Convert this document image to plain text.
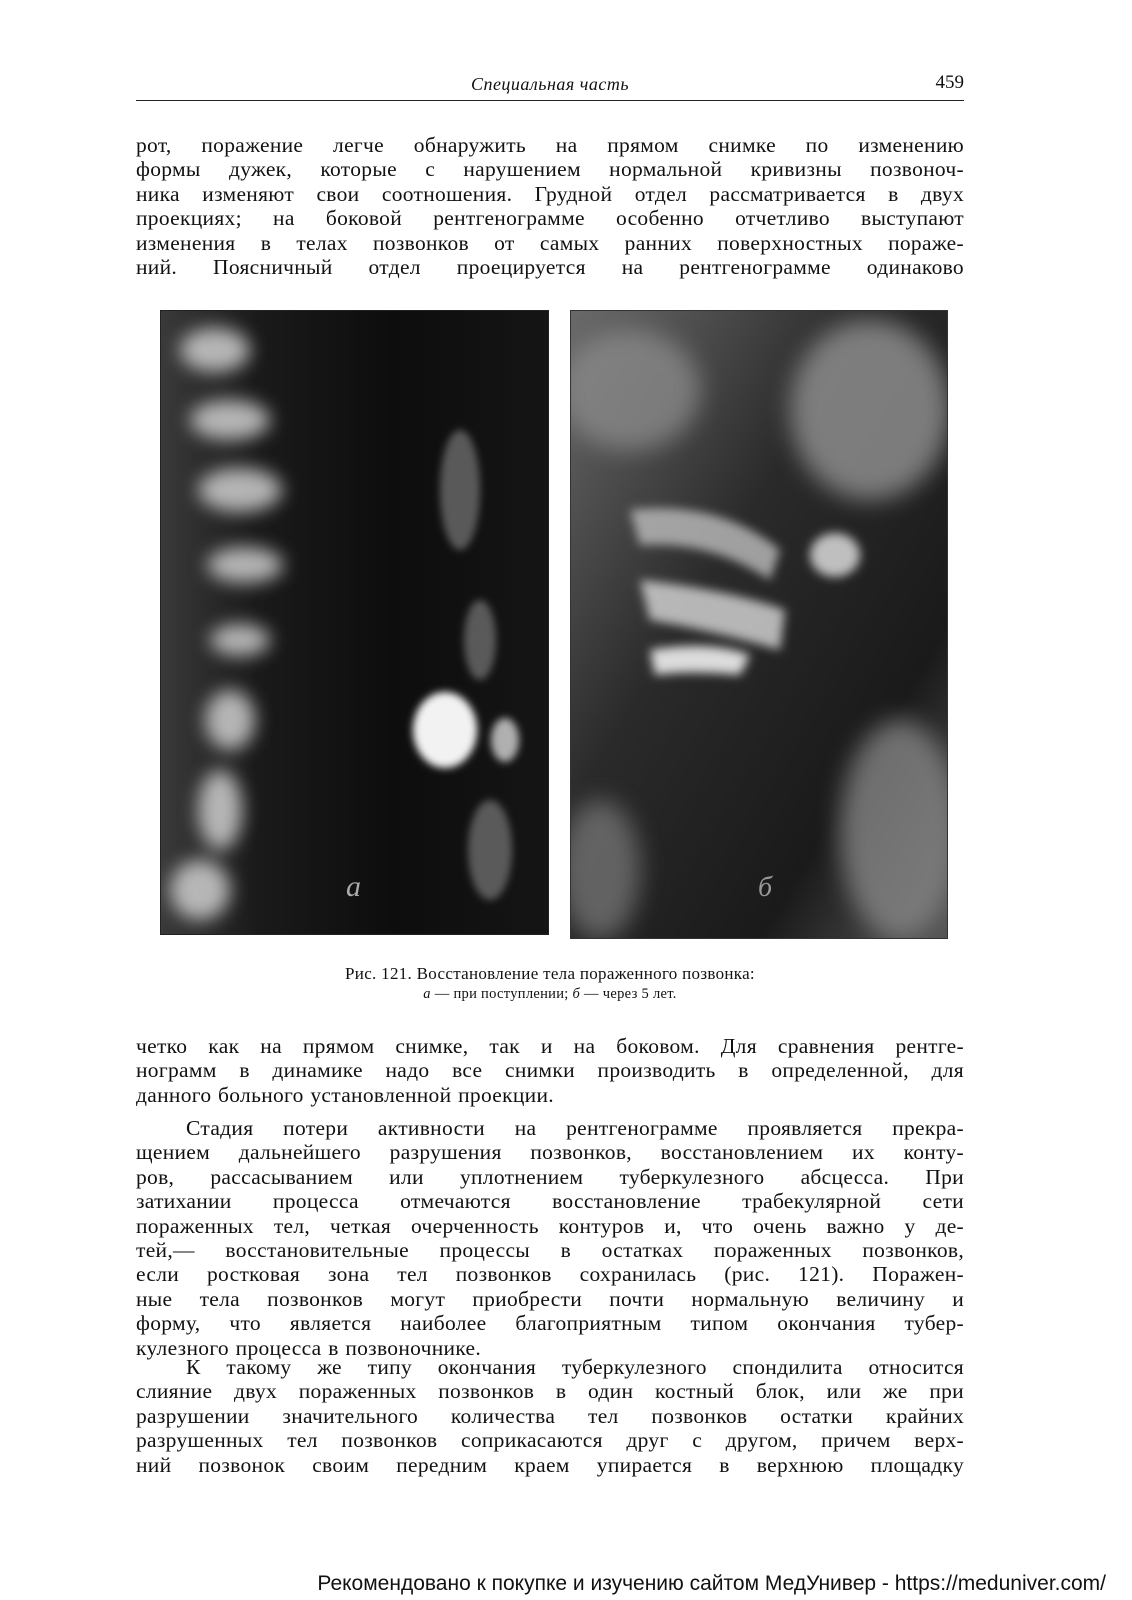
Специальная часть	459
рот, поражение легче обнаружить на прямом снимке по изменению
формы дужек, которые с нарушением нормальной кривизны позвоноч-
ника изменяют свои соотношения. Грудной отдел рассматривается в двух
проекциях; на боковой рентгенограмме особенно отчетливо выступают
изменения в телах позвонков от самых ранних поверхностных пораже-
ний. Поясничный отдел проецируется на рентгенограмме одинаково
а	б
Рис. 121. Восстановление тела пораженного позвонка:
а — при поступлении; б — через 5 лет.
четко как на прямом снимке, так и на боковом. Для сравнения рентге-
нограмм в динамике надо все снимки производить в определенной, для
данного больного установленной проекции.
Стадия потери активности на рентгенограмме проявляется прекра-
щением дальнейшего разрушения позвонков, восстановлением их конту-
ров, рассасыванием или уплотнением туберкулезного абсцесса. При
затихании процесса отмечаются восстановление трабекулярной сети
пораженных тел, четкая очерченность контуров и, что очень важно у де-
тей,— восстановительные процессы в остатках пораженных позвонков,
если ростковая зона тел позвонков сохранилась (рис. 121). Поражен-
ные тела позвонков могут приобрести почти нормальную величину и
форму, что является наиболее благоприятным типом окончания тубер-
кулезного процесса в позвоночнике.
К такому же типу окончания туберкулезного спондилита относится
слияние двух пораженных позвонков в один костный блок, или же при
разрушении значительного количества тел позвонков остатки крайних
разрушенных тел позвонков соприкасаются друг с другом, причем верх-
ний позвонок своим передним краем упирается в верхнюю площадку
Рекомендовано к покупке и изучению сайтом МедУнивер - https://meduniver.com/
